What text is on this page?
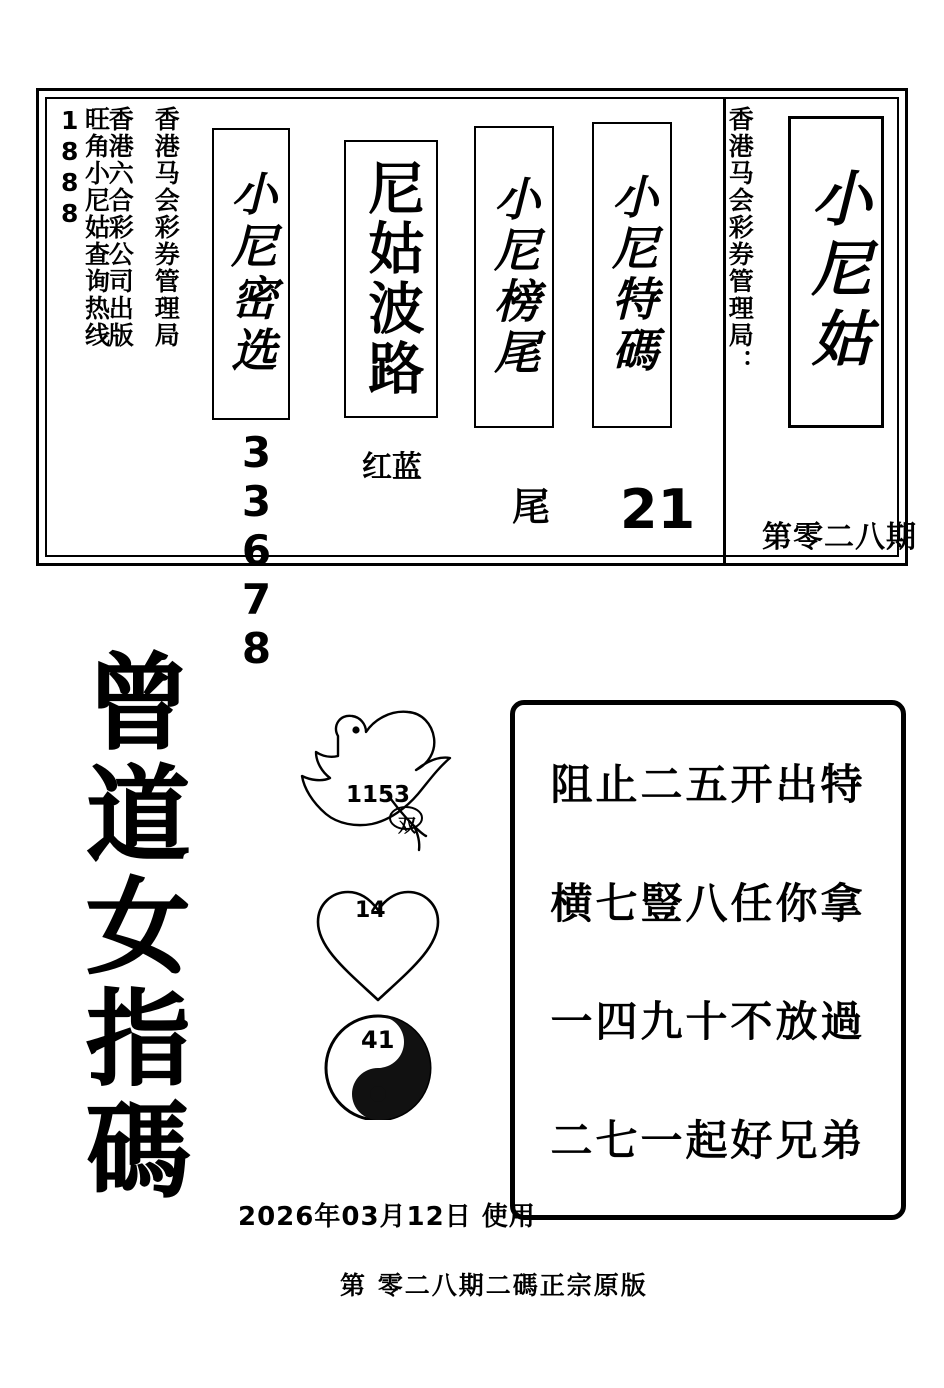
旺角小尼姑查询热线1888 香港六合彩公司出版 香港马会彩券管理局 小尼密选 尼姑波路 小尼榜尾 小尼特碼
33678	红蓝
尾 21
香港马会彩券管理局： 小尼姑
第零二八期
曾道女指碼	1153
双
14
41
阻止二五开出特
横七豎八任你拿
一四九十不放過
二七一起好兄弟
2026年03月12日 使用
第 零二八期二碼正宗原版
